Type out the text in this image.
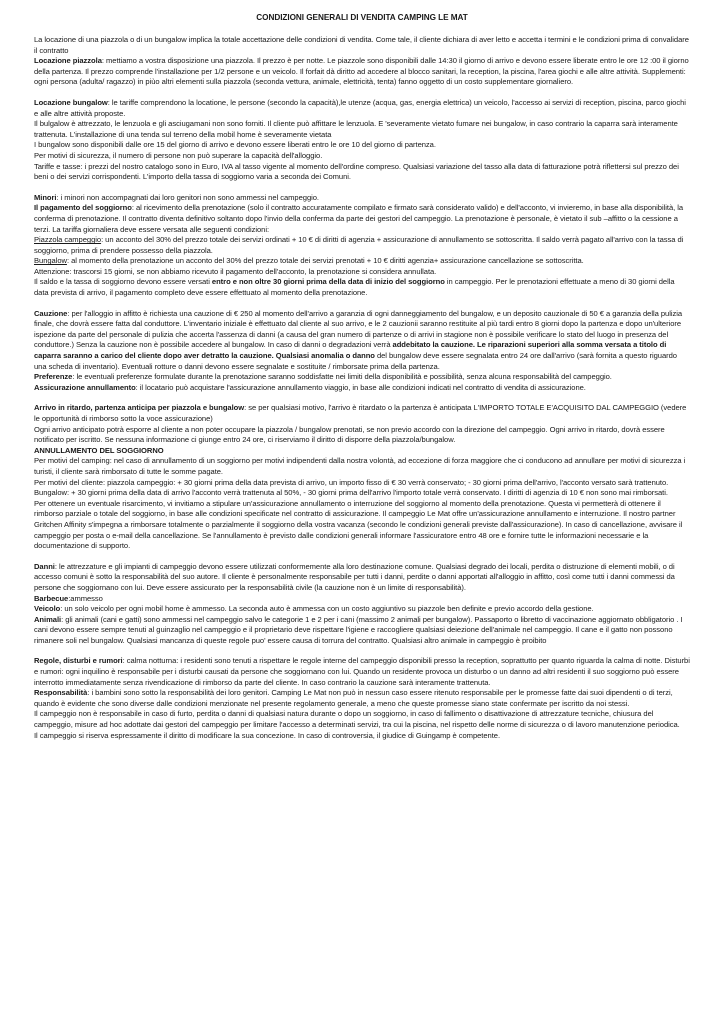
CONDIZIONI GENERALI DI VENDITA CAMPING LE MAT

La locazione di una piazzola o di un bungalow implica la totale accettazione delle condizioni di vendita. Come tale, il cliente dichiara di aver letto e accetta i termini e le condizioni prima di convalidare il contratto

Locazione piazzola: mettiamo a vostra disposizione una piazzola. Il prezzo è per notte. Le piazzole sono disponibili dalle 14:30 il giorno di arrivo e devono essere liberate entro le ore 12 :00 il giorno della partenza. Il prezzo comprende l'installazione per 1/2 persone e un veicolo. Il forfait dà diritto ad accedere al blocco sanitari, la reception, la piscina, l'area giochi e alle altre attività. Supplementi: ogni persona (adulta/ ragazzo) in piùo altri elementi sulla piazzola (seconda vettura, animale, elettricità, tenta) fanno oggetto di un costo supplementare giornaliero.

Locazione bungalow: le tariffe comprendono la locatione, le persone (secondo la capacità),le utenze (acqua, gas, energia elettrica) un veicolo, l'accesso ai servizi di reception, piscina, parco giochi e alle altre attività proposte.

Il bulgalow è attrezzato, le lenzuola e gli asciugamani non sono forniti. Il cliente può affittare le lenzuola. E 'severamente vietato fumare nei bungalow, in caso contrario la caparra sarà interamente trattenuta. L'installazione di una tenda sul terreno della mobil home è severamente vietata

I bungalow sono disponibili dalle ore 15 del giorno di arrivo e devono essere liberati entro le ore 10 del giorno di partenza.

Per motivi di sicurezza, il numero di persone non può superare la capacità dell'alloggio.

Tariffe e tasse: i prezzi del nostro catalogo sono in Euro, IVA al tasso vigente al momento dell'ordine compreso. Qualsiasi variazione del tasso alla data di fatturazione potrà riflettersi sul prezzo dei beni o dei servizi corrispondenti. L'importo della tassa di soggiorno varia a seconda dei Comuni.

Minori: i minori non accompagnati dai loro genitori non sono ammessi nel campeggio.

Il pagamento del soggiorno: al ricevimento della prenotazione (solo il contratto accuratamente compilato e firmato sarà considerato valido) e dell'acconto, vi invieremo, in base alla disponibilità, la conferma di prenotazione. Il contratto diventa definitivo soltanto dopo l'invio della conferma da parte dei gestori del campeggio. La prenotazione è personale, è vietato il sub –affitto o la cessione a terzi. La tariffa giornaliera deve essere versata alle seguenti condizioni:

Piazzola campeggio: un acconto del 30% del prezzo totale dei servizi ordinati + 10 € di diritti di agenzia + assicurazione di annullamento se sottoscritta. Il saldo verrà pagato all'arrivo con la tassa di soggiorno, prima di prendere possesso della piazzola.

Bungalow: al momento della prenotazione un acconto del 30% del prezzo totale dei servizi prenotati + 10 € diritti agenzia+ assicurazione cancellazione se sottoscritta.

Attenzione: trascorsi 15 giorni, se non abbiamo ricevuto il pagamento dell'acconto, la prenotazione si considera annullata.

Il saldo e la tassa di soggiorno devono essere versati entro e non oltre 30 giorni prima della data di inizio del soggiorno in campeggio. Per le prenotazioni effettuate a meno di 30 giorni della data prevista di arrivo, il pagamento completo deve essere effettuato al momento della prenotazione.

Cauzione: per l'alloggio in affitto è richiesta una cauzione di € 250 al momento dell'arrivo a garanzia di ogni danneggiamento del bungalow, e un deposito cauzionale di 50 € a garanzia della pulizia finale, che dovrà essere fatta dal conduttore. L'inventario iniziale è effettuato dal cliente al suo arrivo, e le 2 cauzionii saranno restituite al più tardi entro 8 giorni dopo la partenza e dopo un'ulteriore ispezione da parte del personale di pulizia che accerta l'assenza di danni (a causa del gran numero di partenze o di arrivi in stagione non è possibile verificare lo stato del luogo in presenza del conduttore.) Senza la cauzione non è possibile accedere al bungalow. In caso di danni o degradazioni verrà addebitato la cauzione. Le riparazioni superiori alla somma versata a titolo di caparra saranno a carico del cliente dopo aver detratto la cauzione. Qualsiasi anomalia o danno del bungalow deve essere segnalata entro 24 ore dall'arrivo (sarà fornita a questo riguardo una scheda di inventario). Eventuali rotture o danni devono essere segnalate e sostituite / rimborsate prima della partenza.

Preferenze: le eventuali preferenze formulate durante la prenotazione saranno soddisfatte nei limiti della disponibilità e possibilità, senza alcuna responsabilità del campeggio.

Assicurazione annullamento: il locatario può acquistare l'assicurazione annullamento viaggio, in base alle condizioni indicati nel contratto di vendita di assicurazione.

Arrivo in ritardo, partenza anticipa per piazzola e bungalow: se per qualsiasi motivo, l'arrivo è ritardato o la partenza è anticipata L'IMPORTO TOTALE E'ACQUISITO DAL CAMPEGGIO (vedere le opportunità di rimborso sotto la voce assicurazione)

Ogni arrivo anticipato potrà esporre al cliente a non poter occupare la piazzola / bungalow prenotati, se non previo accordo con la direzione del campeggio. Ogni arrivo in ritardo, dovrà essere notificato per iscritto. Se nessuna informazione ci giunge entro 24 ore, ci riserviamo il diritto di disporre della piazzola/bungalow.

ANNULLAMENTO DEL SOGGIORNO

Per motivi del camping: nel caso di annullamento di un soggiorno per motivi indipendenti dalla nostra volontà, ad eccezione di forza maggiore che ci conducono ad annullare per motivi di sicurezza i turisti, il cliente sarà rimborsato di tutte le somme pagate.

Per motivi del cliente: piazzola campeggio: + 30 giorni prima della data prevista di arrivo, un importo fisso di € 30 verrà conservato; - 30 giorni prima dell'arrivo, l'acconto versato sarà trattenuto. Bungalow: + 30 giorni prima della data di arrivo l'acconto verrà trattenuta al 50%, - 30 giorni prima dell'arrivo l'importo totale verrà conservato. I diritti di agenzia di 10 € non sono mai rimborsati.

Per ottenere un eventuale risarcimento, vi invitiamo a stipulare un'assicurazione annullamento o interruzione del soggiorno al momento della prenotazione. Questa vi permetterà di ottenere il rimborso parziale o totale del soggiorno, in base alle condizioni specificate nel contratto di assicurazione. Il campeggio Le Mat offre un'assicurazione annullamento e interruzione. Il nostro partner Gritchen Affinity s'impegna a rimborsare totalmente o parzialmente il soggiorno della vostra vacanza (secondo le condizioni generali previste dall'assicurazione). In caso di cancellazione, avvisare il campeggio per posta o e-mail della cancellazione. Se l'annullamento è previsto dalle condizioni generali informare l'assicuratore entro 48 ore e fornire tutte le informazioni necessarie e la documentazione di supporto.

Danni: le attrezzature e gli impianti di campeggio devono essere utilizzati conformemente alla loro destinazione comune. Qualsiasi degrado dei locali, perdita o distruzione di elementi mobili, o di accesso comuni è sotto la responsabilità del suo autore. Il cliente è personalmente responsabile per tutti i danni, perdite o danni apportati all'alloggio in affitto, così come tutti i danni commessi da persone che soggiornano con lui. Deve essere assicurato per la responsabilità civile (la cauzione non è un limite di responsabilità).

Barbecue:ammesso

Veicolo: un solo veicolo per ogni mobil home è ammesso. La seconda auto è ammessa con un costo aggiuntivo su piazzole ben definite e previo accordo della gestione.

Animali: gli animali (cani e gatti) sono ammessi nel campeggio salvo le categorie 1 e 2 per i cani (massimo 2 animali per bungalow). Passaporto o libretto di vaccinazione aggiornato obbligatorio . I cani devono essere sempre tenuti al guinzaglio nel campeggio e il proprietario deve rispettare l'igiene e raccogliere qualsiasi deiezione dell'animale nel campeggio. Il cane e il gatto non possono rimanere soli nel bungalow. Qualsiasi mancanza di queste regole puo' essere causa di torrura del contratto. Qualsiasi altro animale in campeggio è proibito

Regole, disturbi e rumori: calma notturna: i residenti sono tenuti a rispettare le regole interne del campeggio disponibili presso la reception, soprattutto per quanto riguarda la calma di notte. Disturbi e rumori: ogni inquilino è responsabile per i disturbi causati da persone che soggiornano con lui. Quando un residente provoca un disturbo o un danno ad altri residenti il suo soggiorno può essere interrotto immediatamente senza rivendicazione di rimborso da parte del cliente. In caso contrario la cauzione sarà interamente trattenuta.

Responsabilità: i bambini sono sotto la responsabilità dei loro genitori. Camping Le Mat non può in nessun caso essere ritenuto responsabile per le promesse fatte dai suoi dipendenti o di terzi, quando è evidente che sono diverse dalle condizioni menzionate nel presente regolamento generale, a meno che queste promesse siano state confermate per iscritto da noi stessi.

Il campeggio non è responsabile in caso di furto, perdita o danni di qualsiasi natura durante o dopo un soggiorno, in caso di fallimento o disattivazione di attrezzature tecniche, chiusura del campeggio, misure ad hoc adottate dai gestori del campeggio per limitare l'accesso a determinati servizi, tra cui la piscina, nel rispetto delle norme di sicurezza o di lavoro manutenzione periodica.

Il campeggio si riserva espressamente il diritto di modificare la sua concezione. In caso di controversia, il giudice di Guingamp è competente.
